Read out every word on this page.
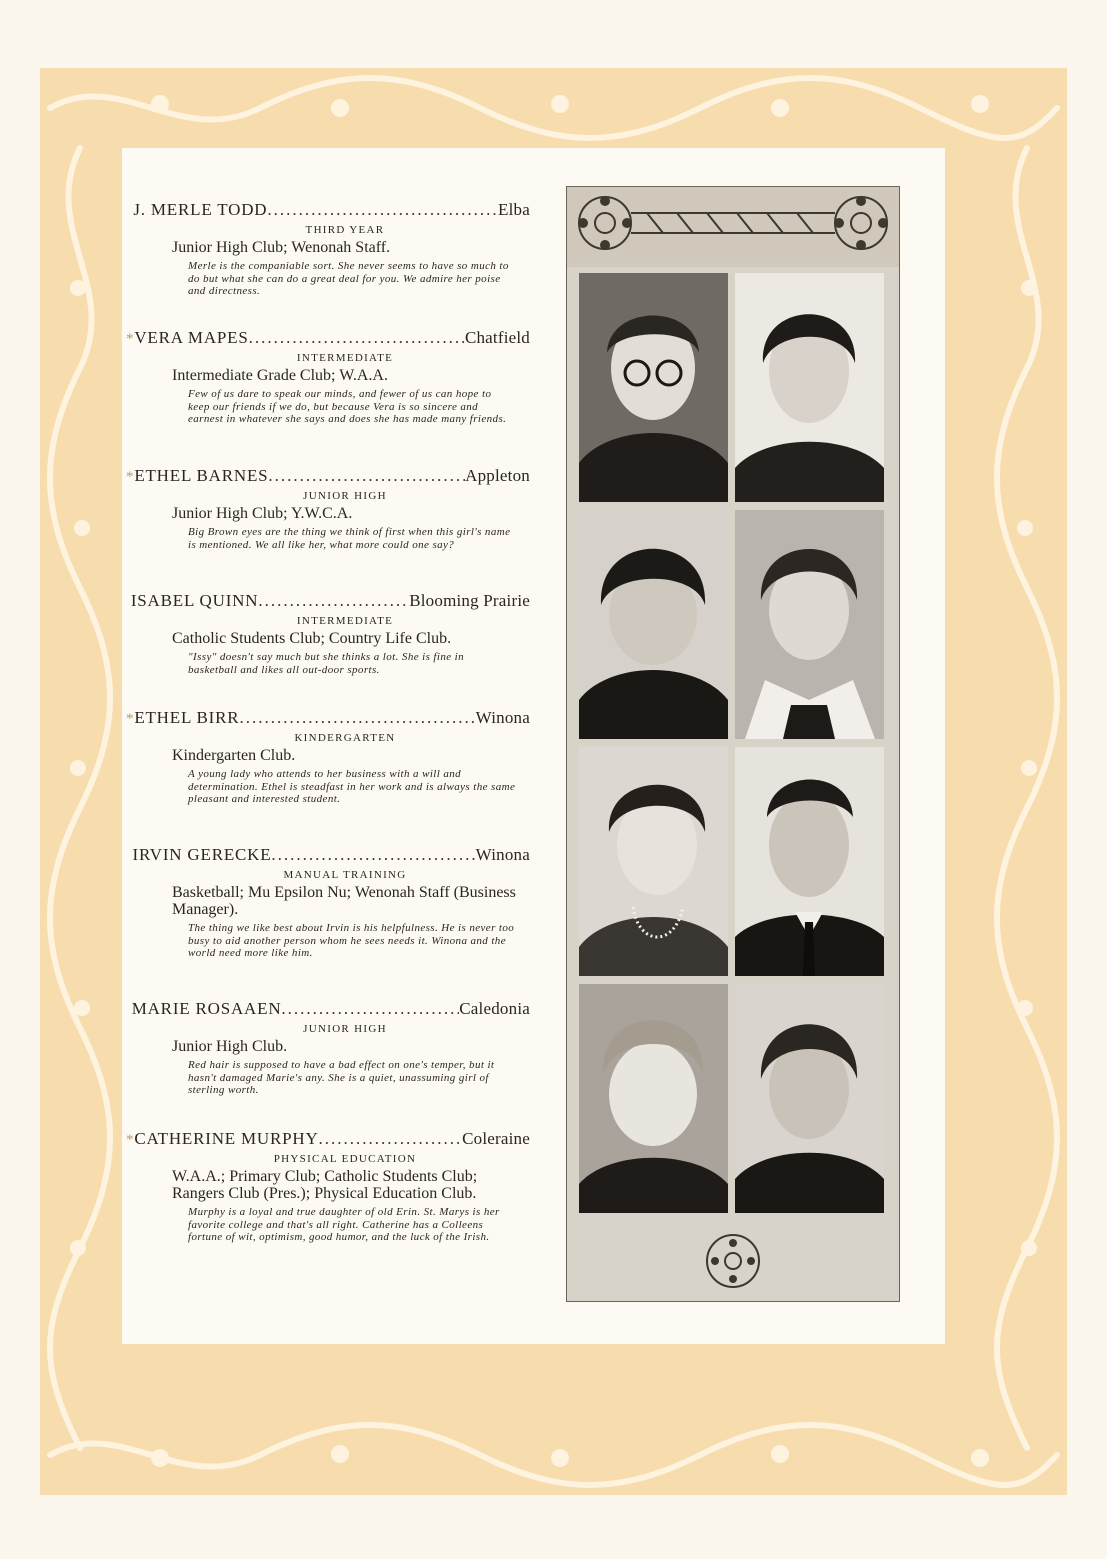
J. MERLE TODD .....	Elba
THIRD YEAR
Junior High Club; Wenonah Staff.
Merle is the companiable sort. She never seems to have so much to do but what she can do a great deal for you. We admire her poise and directness.
* VERA MAPES .....	Chatfield
INTERMEDIATE
Intermediate Grade Club; W.A.A.
Few of us dare to speak our minds, and fewer of us can hope to keep our friends if we do, but because Vera is so sincere and earnest in whatever she says and does she has made many friends.
* ETHEL BARNES .....	Appleton
JUNIOR HIGH
Junior High Club; Y.W.C.A.
Big Brown eyes are the thing we think of first when this girl's name is mentioned. We all like her, what more could one say?
ISABEL QUINN .....	Blooming Prairie
INTERMEDIATE
Catholic Students Club; Country Life Club.
"Issy" doesn't say much but she thinks a lot. She is fine in basketball and likes all out-door sports.
* ETHEL BIRR .....	Winona
KINDERGARTEN
Kindergarten Club.
A young lady who attends to her business with a will and determination. Ethel is steadfast in her work and is always the same pleasant and interested student.
IRVIN GERECKE .....	Winona
MANUAL TRAINING
Basketball; Mu Epsilon Nu; Wenonah Staff (Business Manager).
The thing we like best about Irvin is his helpfulness. He is never too busy to aid another person whom he sees needs it. Winona and the world need more like him.
MARIE ROSAAEN .....	Caledonia
JUNIOR HIGH
Junior High Club.
Red hair is supposed to have a bad effect on one's temper, but it hasn't damaged Marie's any. She is a quiet, unassuming girl of sterling worth.
* CATHERINE MURPHY .....	Coleraine
PHYSICAL EDUCATION
W.A.A.; Primary Club; Catholic Students Club; Rangers Club (Pres.); Physical Education Club.
Murphy is a loyal and true daughter of old Erin. St. Marys is her favorite college and that's all right. Catherine has a Colleens fortune of wit, optimism, good humor, and the luck of the Irish.
